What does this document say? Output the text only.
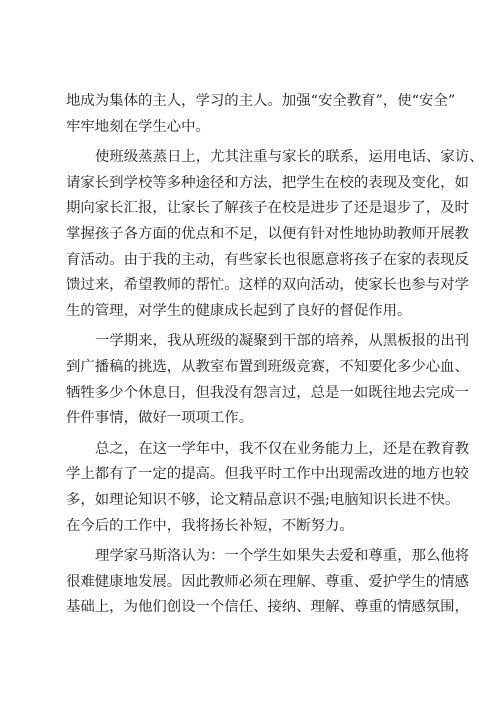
地成为集体的主人，学习的主人。加强“安全教育”，使“安全”
牢牢地刻在学生心中。
使班级蒸蒸日上，尤其注重与家长的联系，运用电话、家访、
请家长到学校等多种途径和方法，把学生在校的表现及变化，如
期向家长汇报，让家长了解孩子在校是进步了还是退步了，及时
掌握孩子各方面的优点和不足，以便有针对性地协助教师开展教
育活动。由于我的主动，有些家长也很愿意将孩子在家的表现反
馈过来，希望教师的帮忙。这样的双向活动，使家长也参与对学
生的管理，对学生的健康成长起到了良好的督促作用。
一学期来，我从班级的凝聚到干部的培养，从黑板报的出刊
到广播稿的挑选，从教室布置到班级竞赛，不知要化多少心血、
牺牲多少个休息日，但我没有怨言过，总是一如既往地去完成一
件件事情，做好一项项工作。
总之，在这一学年中，我不仅在业务能力上，还是在教育教
学上都有了一定的提高。但我平时工作中出现需改进的地方也较
多，如理论知识不够，论文精品意识不强;电脑知识长进不快。
在今后的工作中，我将扬长补短，不断努力。
理学家马斯洛认为：一个学生如果失去爱和尊重，那么他将
很难健康地发展。因此教师必须在理解、尊重、爱护学生的情感
基础上，为他们创设一个信任、接纳、理解、尊重的情感氛围，
